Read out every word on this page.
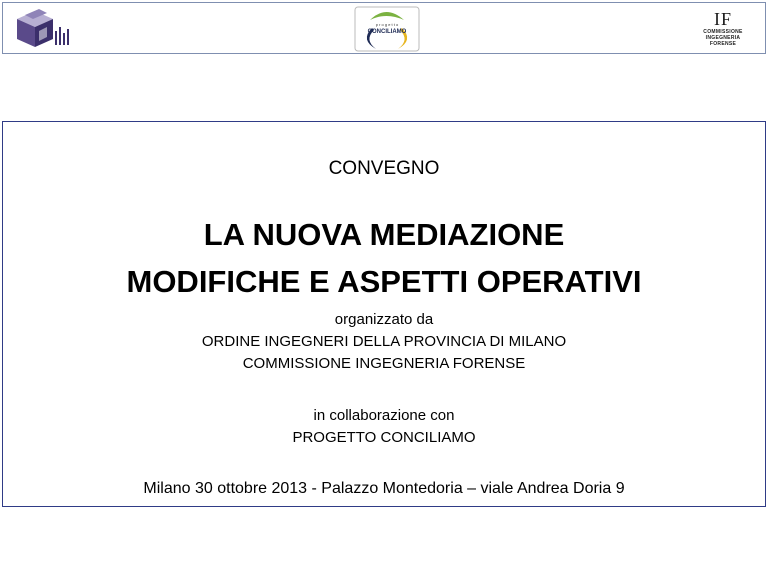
p r o g e t t o
CONCILIAMO
IF
COMMISSIONE
INGEGNERIA FORENSE
CONVEGNO
LA NUOVA MEDIAZIONE
MODIFICHE E ASPETTI OPERATIVI
organizzato da
ORDINE INGEGNERI DELLA PROVINCIA DI MILANO
COMMISSIONE INGEGNERIA FORENSE
in collaborazione con
PROGETTO CONCILIAMO
Milano 30 ottobre 2013 - Palazzo Montedoria – viale Andrea Doria 9
